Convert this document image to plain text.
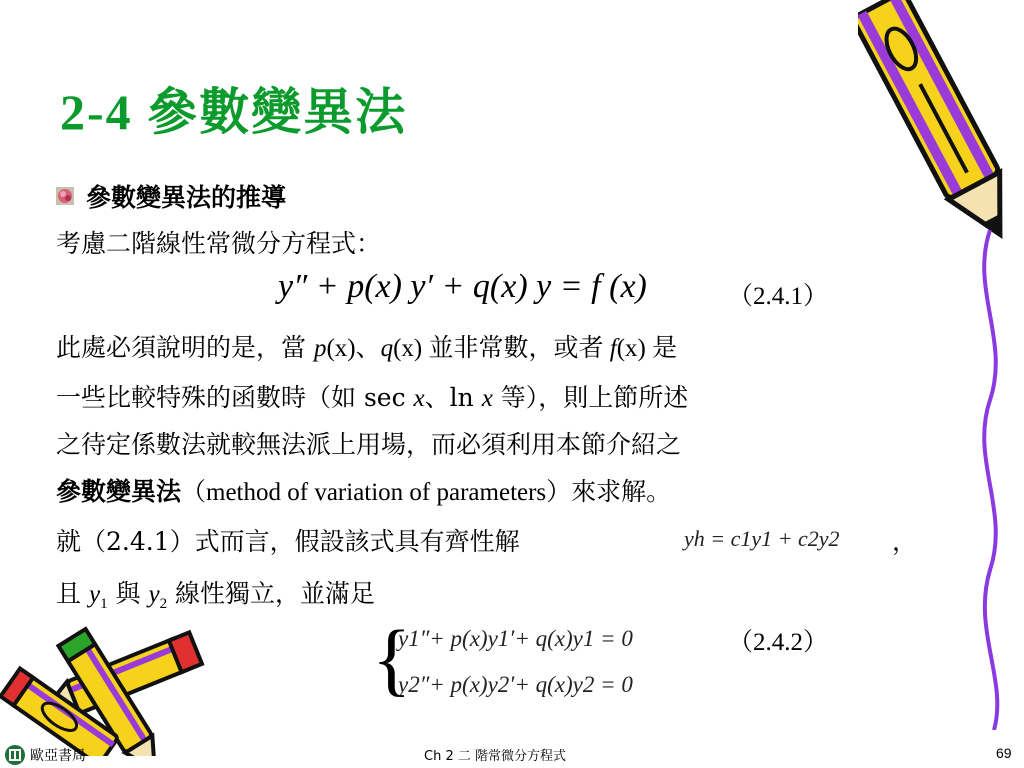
2-4 參數變異法
參數變異法的推導
考慮二階線性常微分方程式：
y″ + p(x) y′ + q(x) y = f (x)	（2.4.1）
此處必須說明的是，當 p(x)、q(x) 並非常數，或者 f(x) 是
一些比較特殊的函數時（如 sec x、ln x 等），則上節所述
之待定係數法就較無法派上用場，而必須利用本節介紹之
參數變異法（method of variation of parameters）來求解。
就（2.4.1）式而言，假設該式具有齊性解	yh = c1y1 + c2y2 ，
且 $y_1$ 與 $y_2$ 線性獨立，並滿足
{
y1″+ p(x)y1′+ q(x)y1 = 0
y2″+ p(x)y2′+ q(x)y2 = 0
（2.4.2）
歐亞書局	Ch 2 二 階常微分方程式	69
